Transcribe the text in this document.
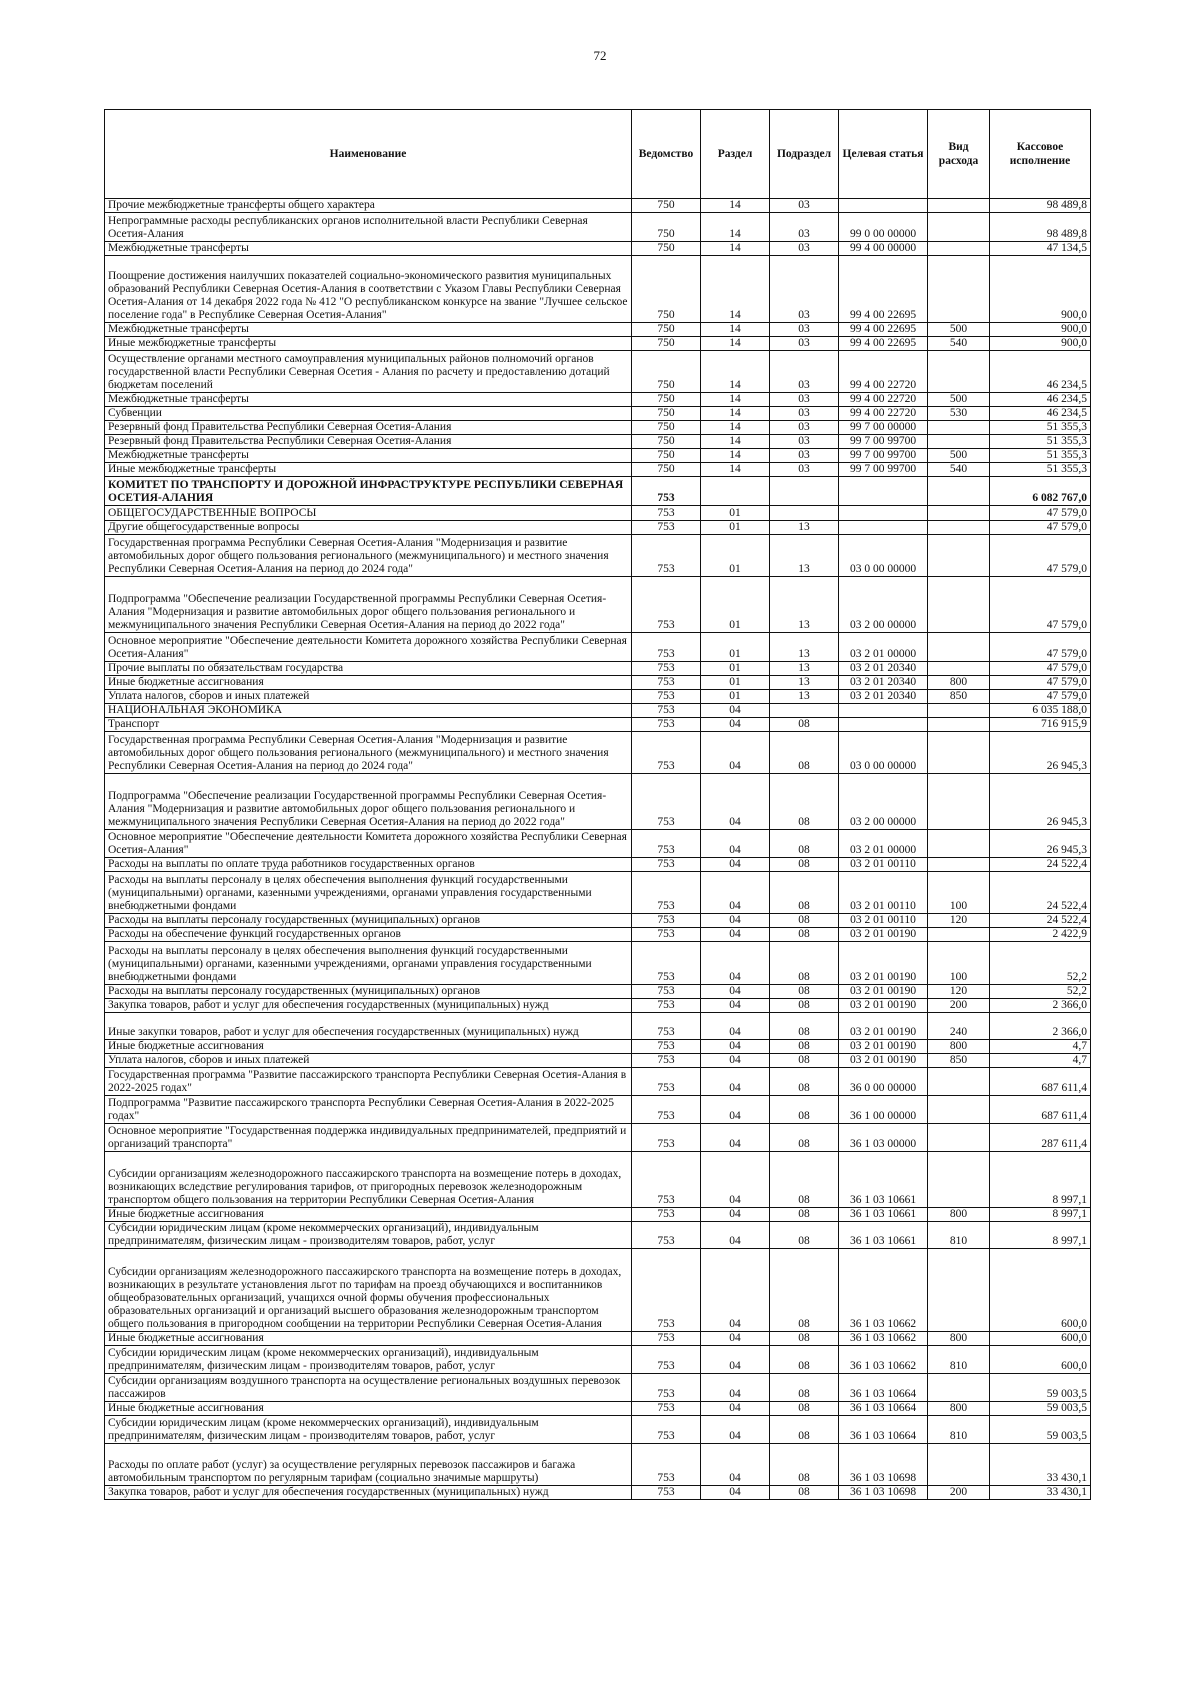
72
Наименование	Ведомство	Раздел	Подраздел	Целевая статья	Вид расхода	Кассовое исполнение
Прочие межбюджетные трансферты общего характера	750	14	03			98 489,8
Непрограммные расходы республиканских органов исполнительной власти Республики Северная Осетия-Алания	750	14	03	99 0 00 00000		98 489,8
Межбюджетные трансферты	750	14	03	99 4 00 00000		47 134,5
Поощрение достижения наилучших показателей социально-экономического развития муниципальных образований Республики Северная Осетия-Алания в соответствии с Указом Главы Республики Северная Осетия-Алания от 14 декабря 2022 года № 412 "О республиканском конкурсе на звание "Лучшее сельское поселение года" в Республике Северная Осетия-Алания"	750	14	03	99 4 00 22695		900,0
Межбюджетные трансферты	750	14	03	99 4 00 22695	500	900,0
Иные межбюджетные трансферты	750	14	03	99 4 00 22695	540	900,0
Осуществление органами местного самоуправления муниципальных районов полномочий органов государственной власти Республики Северная Осетия - Алания по расчету и предоставлению дотаций бюджетам поселений	750	14	03	99 4 00 22720		46 234,5
Межбюджетные трансферты	750	14	03	99 4 00 22720	500	46 234,5
Субвенции	750	14	03	99 4 00 22720	530	46 234,5
Резервный фонд Правительства Республики Северная Осетия-Алания	750	14	03	99 7 00 00000		51 355,3
Резервный фонд Правительства Республики Северная Осетия-Алания	750	14	03	99 7 00 99700		51 355,3
Межбюджетные трансферты	750	14	03	99 7 00 99700	500	51 355,3
Иные межбюджетные трансферты	750	14	03	99 7 00 99700	540	51 355,3
КОМИТЕТ ПО ТРАНСПОРТУ И ДОРОЖНОЙ ИНФРАСТРУКТУРЕ РЕСПУБЛИКИ СЕВЕРНАЯ ОСЕТИЯ-АЛАНИЯ	753					6 082 767,0
ОБЩЕГОСУДАРСТВЕННЫЕ ВОПРОСЫ	753	01				47 579,0
Другие общегосударственные вопросы	753	01	13			47 579,0
Государственная программа Республики Северная Осетия-Алания "Модернизация и развитие автомобильных дорог общего пользования регионального (межмуниципального) и местного значения Республики Северная Осетия-Алания на период до 2024 года"	753	01	13	03 0 00 00000		47 579,0
Подпрограмма "Обеспечение реализации Государственной программы Республики Северная Осетия-Алания "Модернизация и развитие автомобильных дорог общего пользования регионального и межмуниципального значения Республики Северная Осетия-Алания на период до 2022 года"	753	01	13	03 2 00 00000		47 579,0
Основное мероприятие "Обеспечение деятельности Комитета дорожного хозяйства Республики Северная Осетия-Алания"	753	01	13	03 2 01 00000		47 579,0
Прочие выплаты по обязательствам государства	753	01	13	03 2 01 20340		47 579,0
Иные бюджетные ассигнования	753	01	13	03 2 01 20340	800	47 579,0
Уплата налогов, сборов и иных платежей	753	01	13	03 2 01 20340	850	47 579,0
НАЦИОНАЛЬНАЯ ЭКОНОМИКА	753	04				6 035 188,0
Транспорт	753	04	08			716 915,9
Государственная программа Республики Северная Осетия-Алания "Модернизация и развитие автомобильных дорог общего пользования регионального (межмуниципального) и местного значения Республики Северная Осетия-Алания на период до 2024 года"	753	04	08	03 0 00 00000		26 945,3
Подпрограмма "Обеспечение реализации Государственной программы Республики Северная Осетия-Алания "Модернизация и развитие автомобильных дорог общего пользования регионального и межмуниципального значения Республики Северная Осетия-Алания на период до 2022 года"	753	04	08	03 2 00 00000		26 945,3
Основное мероприятие "Обеспечение деятельности Комитета дорожного хозяйства Республики Северная Осетия-Алания"	753	04	08	03 2 01 00000		26 945,3
Расходы на выплаты по оплате труда работников государственных органов	753	04	08	03 2 01 00110		24 522,4
Расходы на выплаты персоналу в целях обеспечения выполнения функций государственными (муниципальными) органами, казенными учреждениями, органами управления государственными внебюджетными фондами	753	04	08	03 2 01 00110	100	24 522,4
Расходы на выплаты персоналу государственных (муниципальных) органов	753	04	08	03 2 01 00110	120	24 522,4
Расходы на обеспечение функций государственных органов	753	04	08	03 2 01 00190		2 422,9
Расходы на выплаты персоналу в целях обеспечения выполнения функций государственными (муниципальными) органами, казенными учреждениями, органами управления государственными внебюджетными фондами	753	04	08	03 2 01 00190	100	52,2
Расходы на выплаты персоналу государственных (муниципальных) органов	753	04	08	03 2 01 00190	120	52,2
Закупка товаров, работ и услуг для обеспечения государственных (муниципальных) нужд	753	04	08	03 2 01 00190	200	2 366,0
Иные закупки товаров, работ и услуг для обеспечения государственных (муниципальных) нужд	753	04	08	03 2 01 00190	240	2 366,0
Иные бюджетные ассигнования	753	04	08	03 2 01 00190	800	4,7
Уплата налогов, сборов и иных платежей	753	04	08	03 2 01 00190	850	4,7
Государственная программа "Развитие пассажирского транспорта Республики Северная Осетия-Алания в 2022-2025 годах"	753	04	08	36 0 00 00000		687 611,4
Подпрограмма "Развитие пассажирского транспорта Республики Северная Осетия-Алания в 2022-2025 годах"	753	04	08	36 1 00 00000		687 611,4
Основное мероприятие "Государственная поддержка индивидуальных предпринимателей, предприятий и организаций транспорта"	753	04	08	36 1 03 00000		287 611,4
Субсидии организациям железнодорожного пассажирского транспорта на возмещение потерь в доходах, возникающих вследствие регулирования тарифов, от пригородных перевозок железнодорожным транспортом общего пользования на территории Республики Северная Осетия-Алания	753	04	08	36 1 03 10661		8 997,1
Иные бюджетные ассигнования	753	04	08	36 1 03 10661	800	8 997,1
Субсидии юридическим лицам (кроме некоммерческих организаций), индивидуальным предпринимателям, физическим лицам - производителям товаров, работ, услуг	753	04	08	36 1 03 10661	810	8 997,1
Субсидии организациям железнодорожного пассажирского транспорта на возмещение потерь в доходах, возникающих в результате установления льгот по тарифам на проезд обучающихся и воспитанников общеобразовательных организаций, учащихся очной формы обучения профессиональных образовательных организаций и организаций высшего образования железнодорожным транспортом общего пользования в пригородном сообщении на территории Республики Северная Осетия-Алания	753	04	08	36 1 03 10662		600,0
Иные бюджетные ассигнования	753	04	08	36 1 03 10662	800	600,0
Субсидии юридическим лицам (кроме некоммерческих организаций), индивидуальным предпринимателям, физическим лицам - производителям товаров, работ, услуг	753	04	08	36 1 03 10662	810	600,0
Субсидии организациям воздушного транспорта на осуществление региональных воздушных перевозок пассажиров	753	04	08	36 1 03 10664		59 003,5
Иные бюджетные ассигнования	753	04	08	36 1 03 10664	800	59 003,5
Субсидии юридическим лицам (кроме некоммерческих организаций), индивидуальным предпринимателям, физическим лицам - производителям товаров, работ, услуг	753	04	08	36 1 03 10664	810	59 003,5
Расходы по оплате работ (услуг) за осуществление регулярных перевозок пассажиров и багажа автомобильным транспортом по регулярным тарифам (социально значимые маршруты)	753	04	08	36 1 03 10698		33 430,1
Закупка товаров, работ и услуг для обеспечения государственных (муниципальных) нужд	753	04	08	36 1 03 10698	200	33 430,1
